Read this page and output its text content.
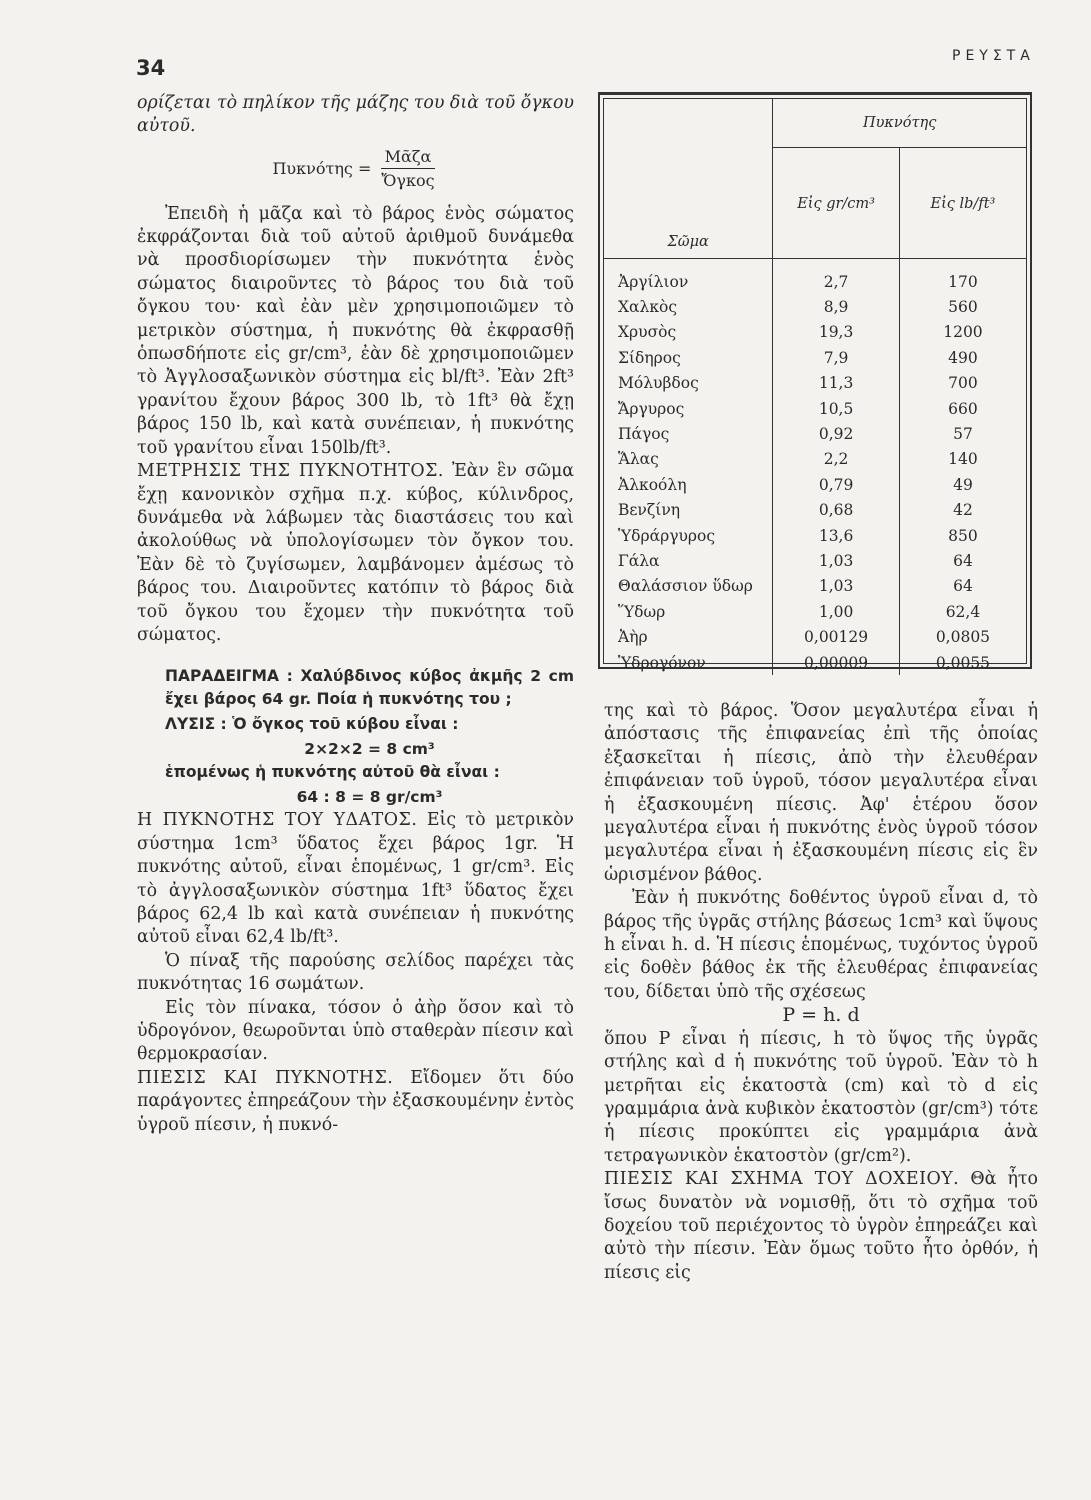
34	ΡΕΥΣΤΑ

ορίζεται τὸ πηλίκον τῆς μάζης του διὰ τοῦ ὄγκου αὐτοῦ.

$\Pi\upsilon\kappa\nu ό\tau\eta\varsigma = \frac{\text{Μᾶζα}}{\text{Ὄγκος}}$

Ἐπειδὴ ἡ μᾶζα καὶ τὸ βάρος ἑνὸς σώματος ἐκφράζονται διὰ τοῦ αὐτοῦ ἀριθμοῦ δυνάμεθα νὰ προσδιορίσωμεν τὴν πυκνότητα ἑνὸς σώματος διαιροῦντες τὸ βάρος του διὰ τοῦ ὄγκου του· καὶ ἐὰν μὲν χρησιμοποιῶμεν τὸ μετρικὸν σύστημα, ἡ πυκνότης θὰ ἐκφρασθῇ ὁπωσδήποτε εἰς gr/cm³, ἐὰν δὲ χρησιμοποιῶμεν τὸ Ἀγγλοσαξωνικὸν σύστημα εἰς bl/ft³. Ἐὰν 2ft³ γρανίτου ἔχουν βάρος 300 lb, τὸ 1ft³ θὰ ἔχῃ βάρος 150 lb, καὶ κατὰ συνέπειαν, ἡ πυκνότης τοῦ γρανίτου εἶναι 150lb/ft³.

ΜΕΤΡΗΣΙΣ ΤΗΣ ΠΥΚΝΟΤΗΤΟΣ. Ἐὰν ἓν σῶμα ἔχῃ κανονικὸν σχῆμα π.χ. κύβος, κύλινδρος, δυνάμεθα νὰ λάβωμεν τὰς διαστάσεις του καὶ ἀκολούθως νὰ ὑπολογίσωμεν τὸν ὄγκον του. Ἐὰν δὲ τὸ ζυγίσωμεν, λαμβάνομεν ἀμέσως τὸ βάρος του. Διαιροῦντες κατόπιν τὸ βάρος διὰ τοῦ ὄγκου του ἔχομεν τὴν πυκνότητα τοῦ σώματος.

ΠΑΡΑΔΕΙΓΜΑ : Χαλύβδινος κύβος ἀκμῆς 2 cm ἔχει βάρος 64 gr. Ποία ἡ πυκνότης του ;

ΛΥΣΙΣ : Ὁ ὄγκος τοῦ κύβου εἶναι :

2×2×2 = 8 cm³

ἑπομένως ἡ πυκνότης αὐτοῦ θὰ εἶναι :

64 : 8 = 8 gr/cm³

Η ΠΥΚΝΟΤΗΣ ΤΟΥ ΥΔΑΤΟΣ. Εἰς τὸ μετρικὸν σύστημα 1cm³ ὕδατος ἔχει βάρος 1gr. Ἡ πυκνότης αὐτοῦ, εἶναι ἑπομένως, 1 gr/cm³. Εἰς τὸ ἀγγλοσαξωνικὸν σύστημα 1ft³ ὕδατος ἔχει βάρος 62,4 lb καὶ κατὰ συνέπειαν ἡ πυκνότης αὐτοῦ εἶναι 62,4 lb/ft³.

Ὁ πίναξ τῆς παρούσης σελίδος παρέχει τὰς πυκνότητας 16 σωμάτων.

Εἰς τὸν πίνακα, τόσον ὁ ἀὴρ ὅσον καὶ τὸ ὑδρογόνον, θεωροῦνται ὑπὸ σταθερὰν πίεσιν καὶ θερμοκρασίαν.

ΠΙΕΣΙΣ ΚΑΙ ΠΥΚΝΟΤΗΣ. Εἴδομεν ὅτι δύο παράγοντες ἐπηρεάζουν τὴν ἐξασκουμένην ἐντὸς ὑγροῦ πίεσιν, ἡ πυκνό-

Σῶμα	Πυκνότης	
	Εἰς gr/cm³	Εἰς lb/ft³
Ἀργίλιον	2,7	170
Χαλκὸς	8,9	560
Χρυσὸς	19,3	1200
Σίδηρος	7,9	490
Μόλυβδος	11,3	700
Ἄργυρος	10,5	660
Πάγος	0,92	57
Ἅλας	2,2	140
Ἀλκοόλη	0,79	49
Βενζίνη	0,68	42
Ὑδράργυρος	13,6	850
Γάλα	1,03	64
Θαλάσσιον ὕδωρ	1,03	64
Ὕδωρ	1,00	62,4
Ἀὴρ	0,00129	0,0805
Ὑδρογόνον	0,00009	0,0055

της καὶ τὸ βάρος. Ὅσον μεγαλυτέρα εἶναι ἡ ἀπόστασις τῆς ἐπιφανείας ἐπὶ τῆς ὁποίας ἐξασκεῖται ἡ πίεσις, ἀπὸ τὴν ἐλευθέραν ἐπιφάνειαν τοῦ ὑγροῦ, τόσον μεγαλυτέρα εἶναι ἡ ἐξασκουμένη πίεσις. Ἀφ' ἑτέρου ὅσον μεγαλυτέρα εἶναι ἡ πυκνότης ἑνὸς ὑγροῦ τόσον μεγαλυτέρα εἶναι ἡ ἐξασκουμένη πίεσις εἰς ἓν ὡρισμένον βάθος.

Ἐὰν ἡ πυκνότης δοθέντος ὑγροῦ εἶναι d, τὸ βάρος τῆς ὑγρᾶς στήλης βάσεως 1cm³ καὶ ὕψους h εἶναι h. d. Ἡ πίεσις ἑπομένως, τυχόντος ὑγροῦ εἰς δοθὲν βάθος ἐκ τῆς ἐλευθέρας ἐπιφανείας του, δίδεται ὑπὸ τῆς σχέσεως

P = h. d

ὅπου P εἶναι ἡ πίεσις, h τὸ ὕψος τῆς ὑγρᾶς στήλης καὶ d ἡ πυκνότης τοῦ ὑγροῦ. Ἐὰν τὸ h μετρῆται εἰς ἑκατοστὰ (cm) καὶ τὸ d εἰς γραμμάρια ἀνὰ κυβικὸν ἑκατοστὸν (gr/cm³) τότε ἡ πίεσις προκύπτει εἰς γραμμάρια ἀνὰ τετραγωνικὸν ἑκατοστὸν (gr/cm²).

ΠΙΕΣΙΣ ΚΑΙ ΣΧΗΜΑ ΤΟΥ ΔΟΧΕΙΟΥ. Θὰ ἦτο ἴσως δυνατὸν νὰ νομισθῇ, ὅτι τὸ σχῆμα τοῦ δοχείου τοῦ περιέχοντος τὸ ὑγρὸν ἐπηρεάζει καὶ αὐτὸ τὴν πίεσιν. Ἐὰν ὅμως τοῦτο ἦτο ὀρθόν, ἡ πίεσις εἰς
